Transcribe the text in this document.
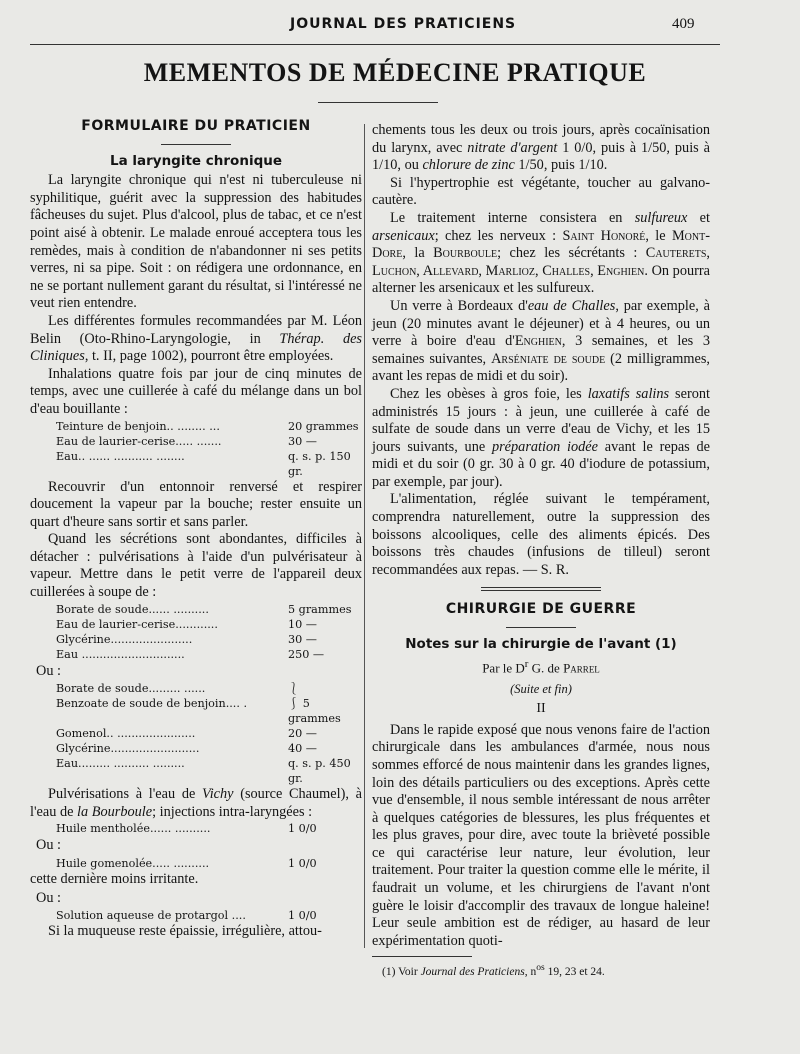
JOURNAL DES PRATICIENS	409
MEMENTOS DE MÉDECINE PRATIQUE
FORMULAIRE DU PRATICIEN
La laryngite chronique

La laryngite chronique qui n'est ni tuberculeuse ni syphilitique, guérit avec la suppression des habitudes fâcheuses du sujet. Plus d'alcool, plus de tabac, et ce n'est point aisé à obtenir. Le malade enroué acceptera tous les remèdes, mais à condition de n'abandonner ni ses petits verres, ni sa pipe. Soit : on rédigera une ordonnance, en ne se portant nullement garant du résultat, si l'intéressé ne veut rien entendre.

Les différentes formules recommandées par M. Léon Belin (Oto-Rhino-Laryngologie, in Thérap. des Cliniques, t. II, page 1002), pourront être employées.

Inhalations quatre fois par jour de cinq minutes de temps, avec une cuillerée à café du mélange dans un bol d'eau bouillante :

Teinture de benjoin.. ........ ...	20 grammes
Eau de laurier-cerise..... .......	30 —
Eau.. ...... ........... ........	q. s. p. 150 gr.

Recouvrir d'un entonnoir renversé et respirer doucement la vapeur par la bouche; rester ensuite un quart d'heure sans sortir et sans parler.

Quand les sécrétions sont abondantes, difficiles à détacher : pulvérisations à l'aide d'un pulvérisateur à vapeur. Mettre dans le petit verre de l'appareil deux cuillerées à soupe de :

Borate de soude...... ..........	5 grammes
Eau de laurier-cerise............	10 —
Glycérine.......................	30 —
Eau .............................	250 —
Ou :
Borate de soude......... ......	⎱
Benzoate de soude de benjoin.... .	⎰ 5 grammes
Gomenol.. ......................	20 —
Glycérine.........................	40 —
Eau......... .......... .........	q. s. p. 450 gr.

Pulvérisations à l'eau de Vichy (source Chaumel), à l'eau de la Bourboule; injections intra-laryngées :

Huile mentholée...... ..........	1 0/0
Ou :
Huile gomenolée..... ..........	1 0/0

cette dernière moins irritante.

Ou :
Solution aqueuse de protargol ....	1 0/0

Si la muqueuse reste épaissie, irrégulière, attou-

chements tous les deux ou trois jours, après cocaïnisation du larynx, avec nitrate d'argent 1 0/0, puis à 1/50, puis à 1/10, ou chlorure de zinc 1/50, puis 1/10.

Si l'hypertrophie est végétante, toucher au galvano-cautère.

Le traitement interne consistera en sulfureux et arsenicaux; chez les nerveux : Saint Honoré, le Mont-Dore, la Bourboule; chez les sécrétants : Cauterets, Luchon, Allevard, Marlioz, Challes, Enghien. On pourra alterner les arsenicaux et les sulfureux.

Un verre à Bordeaux d'eau de Challes, par exemple, à jeun (20 minutes avant le déjeuner) et à 4 heures, ou un verre à boire d'eau d'Enghien, 3 semaines, et les 3 semaines suivantes, Arséniate de soude (2 milligrammes, avant les repas de midi et du soir).

Chez les obèses à gros foie, les laxatifs salins seront administrés 15 jours : à jeun, une cuillerée à café de sulfate de soude dans un verre d'eau de Vichy, et les 15 jours suivants, une préparation iodée avant le repas de midi et du soir (0 gr. 30 à 0 gr. 40 d'iodure de potassium, par exemple, par jour).

L'alimentation, réglée suivant le tempérament, comprendra naturellement, outre la suppression des boissons alcooliques, celle des aliments épicés. Des boissons très chaudes (infusions de tilleul) seront recommandées aux repas. — S. R.

CHIRURGIE DE GUERRE
Notes sur la chirurgie de l'avant (1)
Par le $D^r$ G. de Parrel
(Suite et fin)
II

Dans le rapide exposé que nous venons faire de l'action chirurgicale dans les ambulances d'armée, nous nous sommes efforcé de nous maintenir dans les grandes lignes, loin des détails particuliers ou des exceptions. Après cette vue d'ensemble, il nous semble intéressant de nous arrêter à quelques catégories de blessures, les plus fréquentes et les plus graves, pour dire, avec toute la brièveté possible ce qui caractérise leur nature, leur évolution, leur traitement. Pour traiter la question comme elle le mérite, il faudrait un volume, et les chirurgiens de l'avant n'ont guère le loisir d'accomplir des travaux de longue haleine! Leur seule ambition est de rédiger, au hasard de leur expérimentation quoti-

(1) Voir Journal des Praticiens, $n^{os}$ 19, 23 et 24.
